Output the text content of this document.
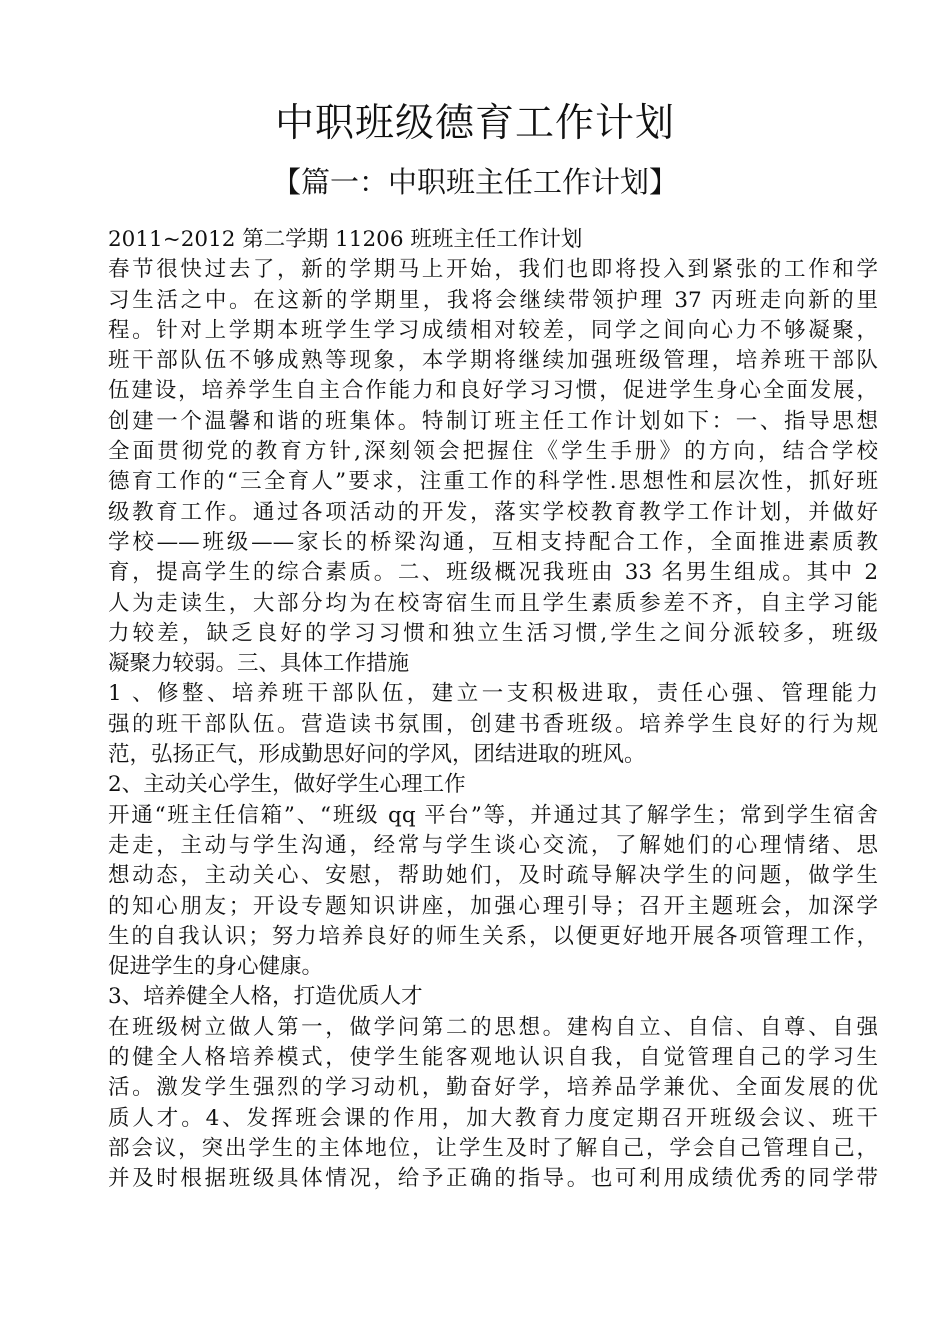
中职班级德育工作计划
【篇一：中职班主任工作计划】
2011~2012 第二学期 11206 班班主任工作计划
春节很快过去了，新的学期马上开始，我们也即将投入到紧张的工作和学
习生活之中。在这新的学期里，我将会继续带领护理 37 丙班走向新的里
程。针对上学期本班学生学习成绩相对较差，同学之间向心力不够凝聚，
班干部队伍不够成熟等现象，本学期将继续加强班级管理，培养班干部队
伍建设，培养学生自主合作能力和良好学习习惯，促进学生身心全面发展，
创建一个温馨和谐的班集体。特制订班主任工作计划如下：一、指导思想
全面贯彻党的教育方针,深刻领会把握住《学生手册》的方向，结合学校
德育工作的“三全育人”要求，注重工作的科学性.思想性和层次性，抓好班
级教育工作。通过各项活动的开发，落实学校教育教学工作计划，并做好
学校——班级——家长的桥梁沟通，互相支持配合工作，全面推进素质教
育，提高学生的综合素质。二、班级概况我班由 33 名男生组成。其中 2
人为走读生，大部分均为在校寄宿生而且学生素质参差不齐，自主学习能
力较差，缺乏良好的学习习惯和独立生活习惯,学生之间分派较多，班级
凝聚力较弱。三、具体工作措施
1 、修整、培养班干部队伍，建立一支积极进取，责任心强、管理能力
强的班干部队伍。营造读书氛围，创建书香班级。培养学生良好的行为规
范，弘扬正气，形成勤思好问的学风，团结进取的班风。
2、主动关心学生，做好学生心理工作
开通“班主任信箱”、“班级 qq 平台”等，并通过其了解学生；常到学生宿舍
走走，主动与学生沟通，经常与学生谈心交流，了解她们的心理情绪、思
想动态，主动关心、安慰，帮助她们，及时疏导解决学生的问题，做学生
的知心朋友；开设专题知识讲座，加强心理引导；召开主题班会，加深学
生的自我认识；努力培养良好的师生关系，以便更好地开展各项管理工作，
促进学生的身心健康。
3、培养健全人格，打造优质人才
在班级树立做人第一，做学问第二的思想。建构自立、自信、自尊、自强
的健全人格培养模式，使学生能客观地认识自我，自觉管理自己的学习生
活。激发学生强烈的学习动机，勤奋好学，培养品学兼优、全面发展的优
质人才。4、发挥班会课的作用，加大教育力度定期召开班级会议、班干
部会议，突出学生的主体地位，让学生及时了解自己，学会自己管理自己，
并及时根据班级具体情况，给予正确的指导。也可利用成绩优秀的同学带
